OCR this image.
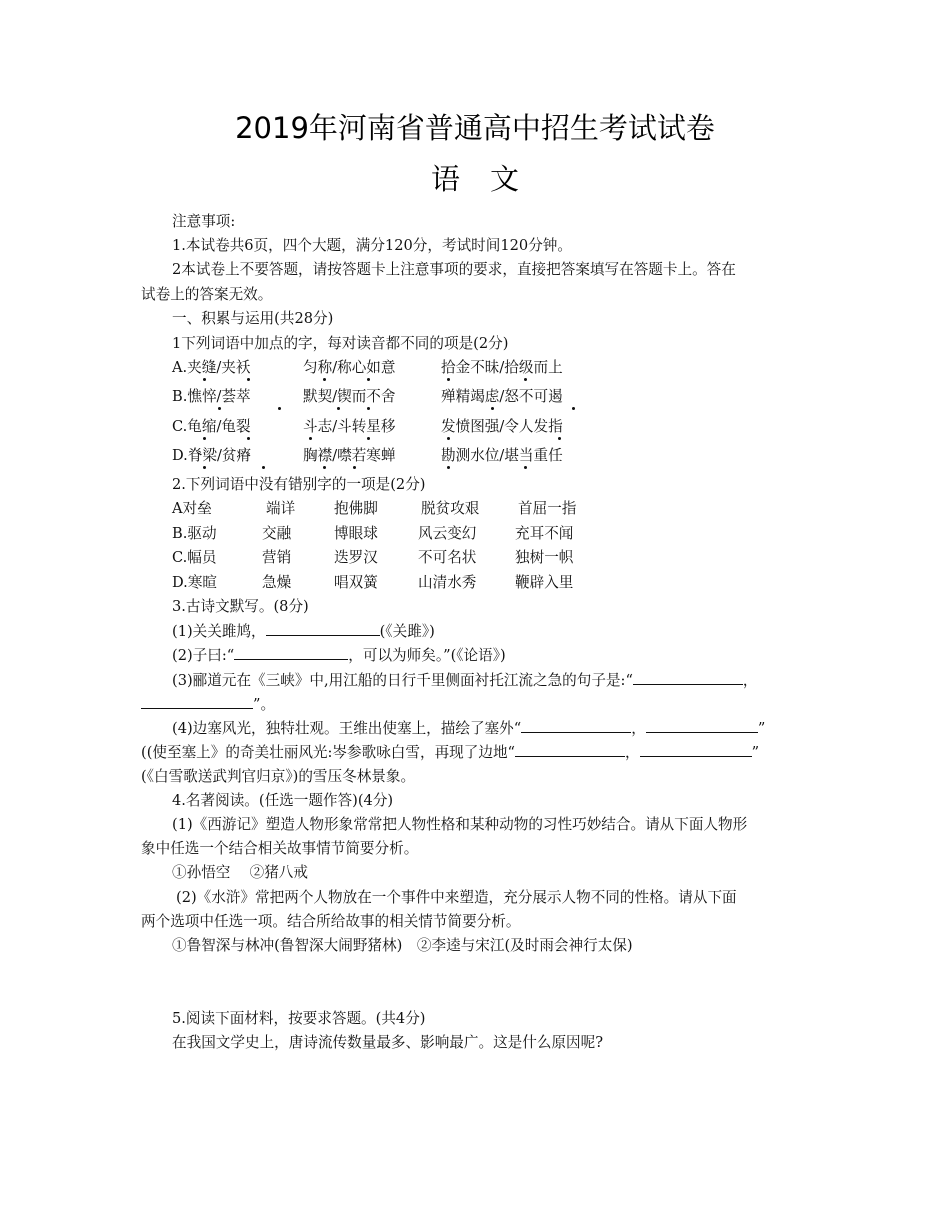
2019年河南省普通高中招生考试试卷
语文
注意事项:
1.本试卷共6页，四个大题，满分120分，考试时间120分钟。
2本试卷上不要答题，请按答题卡上注意事项的要求，直接把答案填写在答题卡上。答在
试卷上的答案无效。
一、积累与运用(共28分)
1下列词语中加点的字，每对读音都不同的项是(2分)
A.夹缝/夹袄	匀称/称心如意	拾金不昧/拾级而上
B.憔悴/荟萃	默契/锲而不舍	殚精竭虑/怒不可遏
C.龟缩/龟裂	斗志/斗转星移	发愤图强/令人发指
D.脊梁/贫瘠	胸襟/噤若寒蝉	勘测水位/堪当重任
2.下列词语中没有错别字的一项是(2分)
A对垒	端详	抱佛脚	脱贫攻艰	首屈一指
B.驱动	交融	博眼球	风云变幻	充耳不闻
C.幅员	营销	迭罗汉	不可名状	独树一帜
D.寒暄	急燥	唱双簧	山清水秀	鞭辟入里
3.古诗文默写。(8分)
(1)关关雎鸠，	(《关雎》)
(2)子曰:“	，可以为师矣。”(《论语》)
(3)郦道元在《三峡》中,用江船的日行千里侧面衬托江流之急的句子是:“	，
”。
(4)边塞风光，独特壮观。王维出使塞上，描绘了塞外“	，	”
((使至塞上》的奇美壮丽风光:岑参歌咏白雪，再现了边地“	，	”
(《白雪歌送武判官归京》)的雪压冬林景象。
4.名著阅读。(任选一题作答)(4分)
(1)《西游记》塑造人物形象常常把人物性格和某种动物的习性巧妙结合。请从下面人物形
象中任选一个结合相关故事情节简要分析。
①孙悟空　 ②猪八戒
(2)《水浒》常把两个人物放在一个事件中来塑造，充分展示人物不同的性格。请从下面
两个选项中任选一项。结合所给故事的相关情节简要分析。
①鲁智深与林冲(鲁智深大闹野猪林)　②李逵与宋江(及时雨会神行太保)
5.阅读下面材料，按要求答题。(共4分)
在我国文学史上，唐诗流传数量最多、影响最广。这是什么原因呢?
